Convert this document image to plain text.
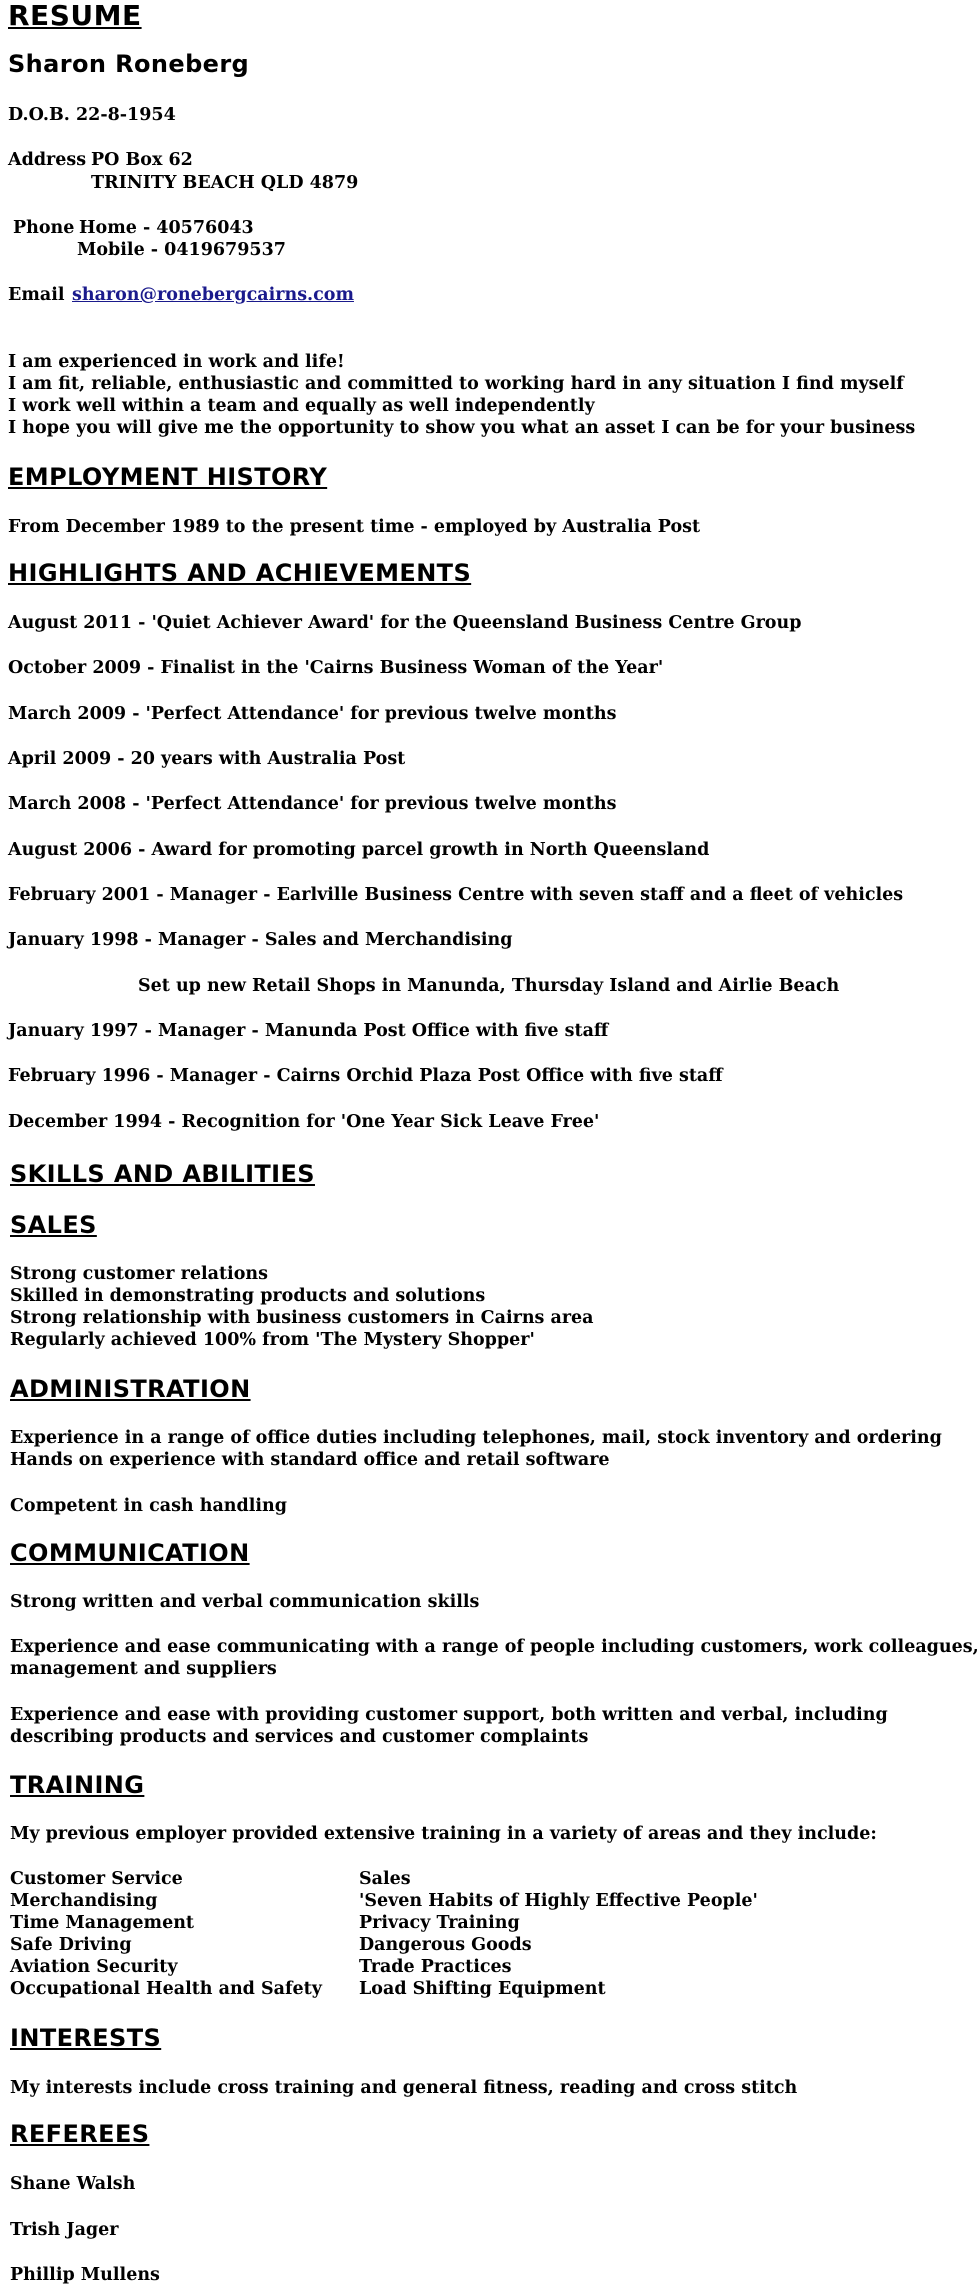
RESUME
Sharon Roneberg
D.O.B. 22-8-1954
Address PO Box 62
TRINITY BEACH QLD 4879
Phone Home - 40576043
Mobile - 0419679537
Email sharon@ronebergcairns.com
I am experienced in work and life!
I am fit, reliable, enthusiastic and committed to working hard in any situation I find myself
I work well within a team and equally as well independently
I hope you will give me the opportunity to show you what an asset I can be for your business
EMPLOYMENT HISTORY
From December 1989 to the present time - employed by Australia Post
HIGHLIGHTS AND ACHIEVEMENTS
August 2011 - 'Quiet Achiever Award' for the Queensland Business Centre Group
October 2009 - Finalist in the 'Cairns Business Woman of the Year'
March 2009 - 'Perfect Attendance' for previous twelve months
April 2009 - 20 years with Australia Post
March 2008 - 'Perfect Attendance' for previous twelve months
August 2006 - Award for promoting parcel growth in North Queensland
February 2001 - Manager - Earlville Business Centre with seven staff and a fleet of vehicles
January 1998 - Manager - Sales and Merchandising
Set up new Retail Shops in Manunda, Thursday Island and Airlie Beach
January 1997 - Manager - Manunda Post Office with five staff
February 1996 - Manager - Cairns Orchid Plaza Post Office with five staff
December 1994 - Recognition for 'One Year Sick Leave Free'
SKILLS AND ABILITIES
SALES
Strong customer relations
Skilled in demonstrating products and solutions
Strong relationship with business customers in Cairns area
Regularly achieved 100% from 'The Mystery Shopper'
ADMINISTRATION
Experience in a range of office duties including telephones, mail, stock inventory and ordering
Hands on experience with standard office and retail software
Competent in cash handling
COMMUNICATION
Strong written and verbal communication skills
Experience and ease communicating with a range of people including customers, work colleagues,
management and suppliers
Experience and ease with providing customer support, both written and verbal, including
describing products and services and customer complaints
TRAINING
My previous employer provided extensive training in a variety of areas and they include:
Customer Service
Merchandising
Time Management
Safe Driving
Aviation Security
Occupational Health and Safety
Sales
'Seven Habits of Highly Effective People'
Privacy Training
Dangerous Goods
Trade Practices
Load Shifting Equipment
INTERESTS
My interests include cross training and general fitness, reading and cross stitch
REFEREES
Shane Walsh
Trish Jager
Phillip Mullens
